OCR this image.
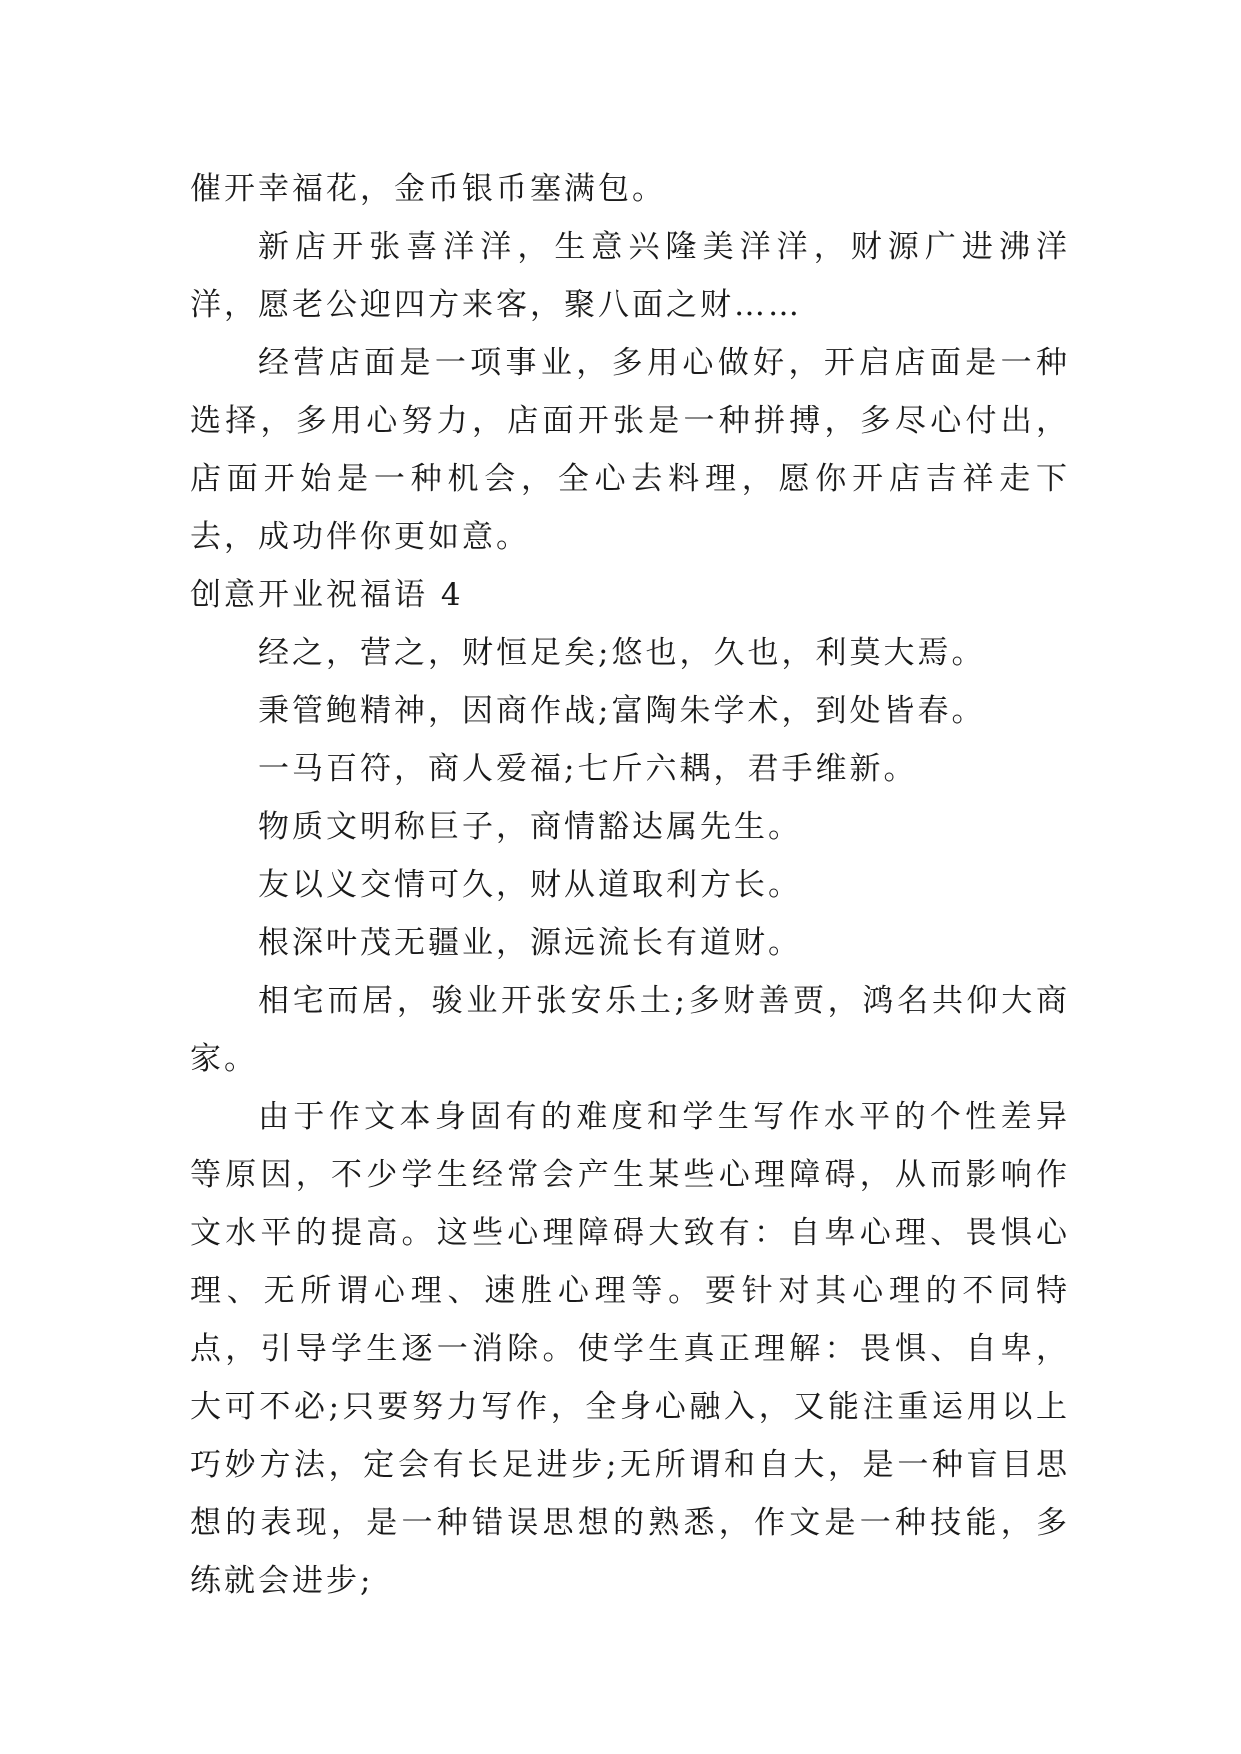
催开幸福花，金币银币塞满包。

新店开张喜洋洋，生意兴隆美洋洋，财源广进沸洋洋，愿老公迎四方来客，聚八面之财……

经营店面是一项事业，多用心做好，开启店面是一种选择，多用心努力，店面开张是一种拼搏，多尽心付出，店面开始是一种机会，全心去料理，愿你开店吉祥走下去，成功伴你更如意。

创意开业祝福语 4

经之，营之，财恒足矣;悠也，久也，利莫大焉。

秉管鲍精神，因商作战;富陶朱学术，到处皆春。

一马百符，商人爱福;七斤六耦，君手维新。

物质文明称巨子，商情豁达属先生。

友以义交情可久，财从道取利方长。

根深叶茂无疆业，源远流长有道财。

相宅而居，骏业开张安乐土;多财善贾，鸿名共仰大商家。

由于作文本身固有的难度和学生写作水平的个性差异等原因，不少学生经常会产生某些心理障碍，从而影响作文水平的提高。这些心理障碍大致有：自卑心理、畏惧心理、无所谓心理、速胜心理等。要针对其心理的不同特点，引导学生逐一消除。使学生真正理解：畏惧、自卑，大可不必;只要努力写作，全身心融入，又能注重运用以上巧妙方法，定会有长足进步;无所谓和自大，是一种盲目思想的表现，是一种错误思想的熟悉，作文是一种技能，多练就会进步;
